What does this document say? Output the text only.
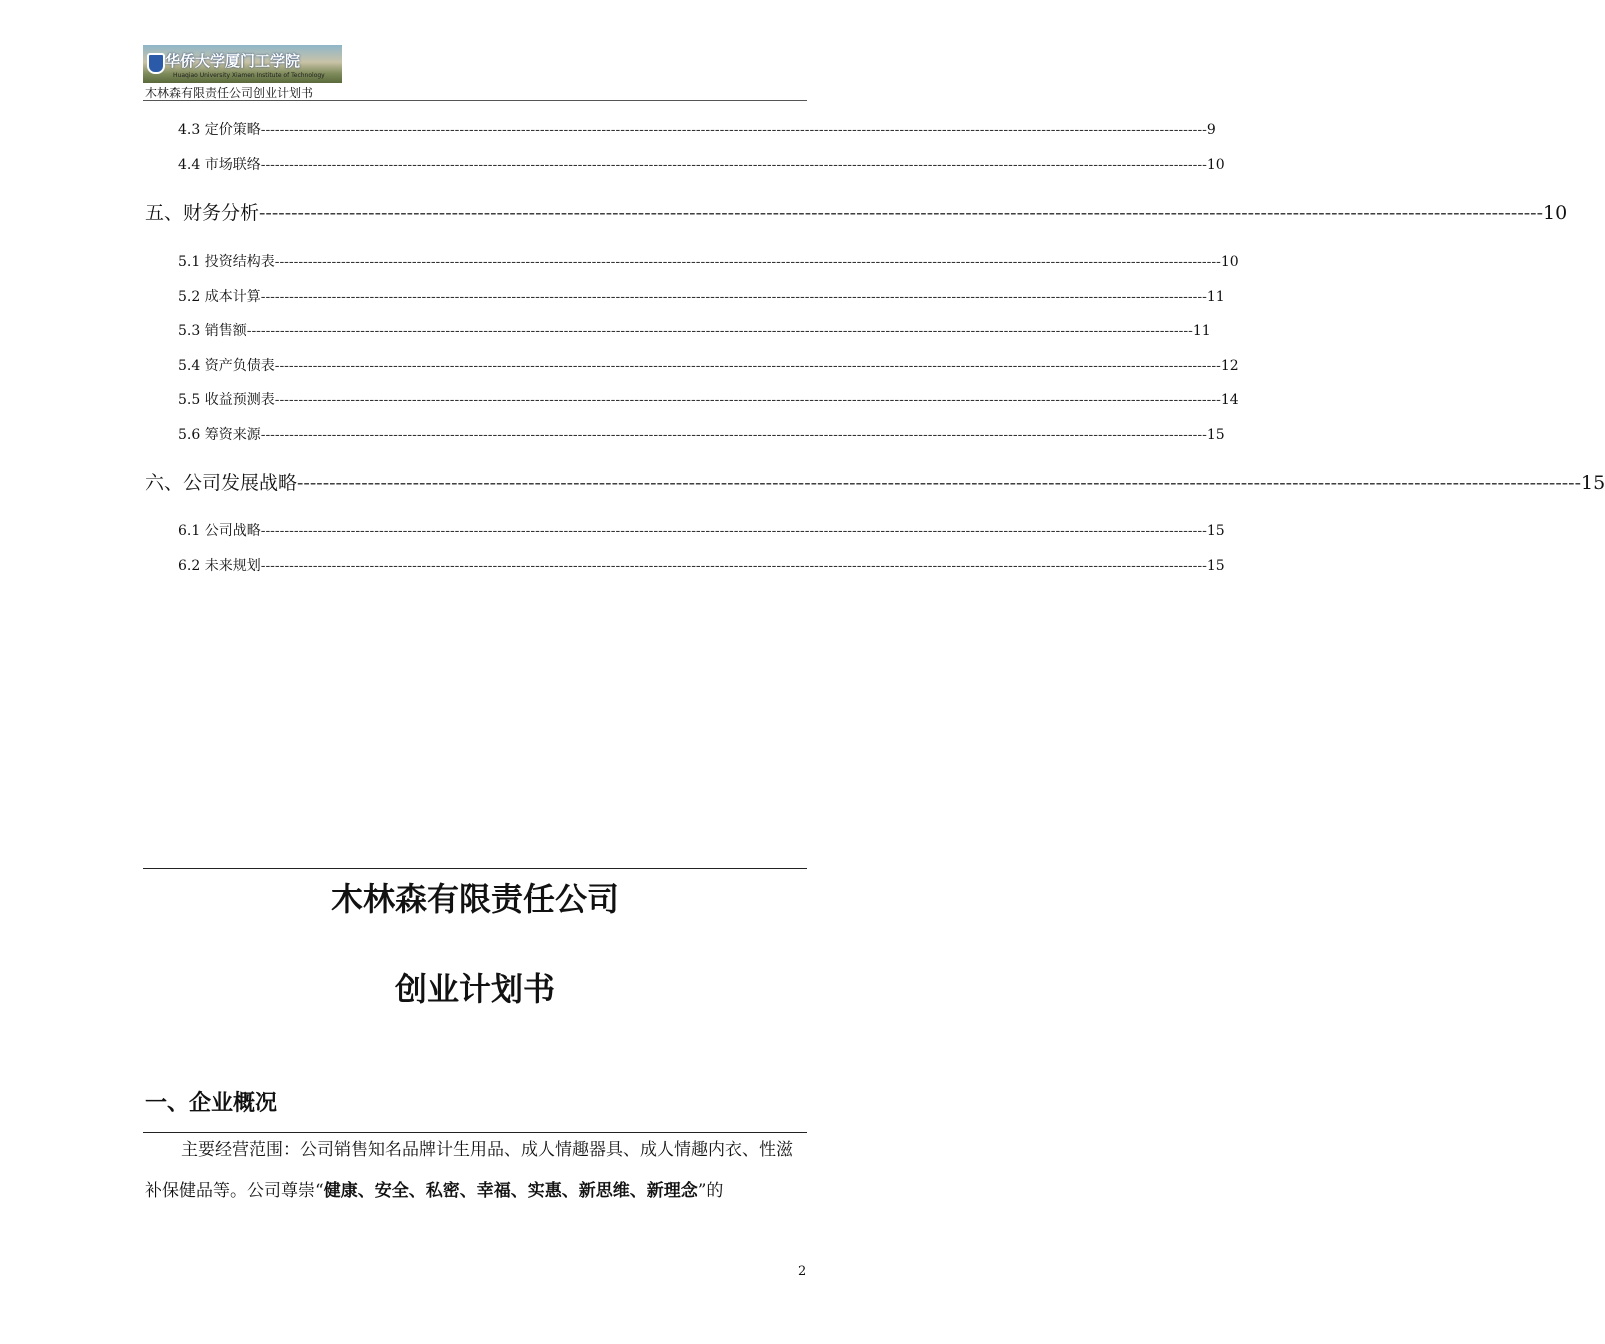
华侨大学厦门工学院
Huaqiao University Xiamen Institute of Technology
木林森有限责任公司创业计划书
4.3 定价策略 -------------------------------------------------------------------------------------------------------------------------------------------------------------------------------------------------------- 9
4.4 市场联络 -------------------------------------------------------------------------------------------------------------------------------------------------------------------------------------------------------- 10
五、财务分析 -------------------------------------------------------------------------------------------------------------------------------------------------------------------------------------------------------- 10
5.1 投资结构表 -------------------------------------------------------------------------------------------------------------------------------------------------------------------------------------------------------- 10
5.2 成本计算 -------------------------------------------------------------------------------------------------------------------------------------------------------------------------------------------------------- 11
5.3 销售额 -------------------------------------------------------------------------------------------------------------------------------------------------------------------------------------------------------- 11
5.4 资产负债表 -------------------------------------------------------------------------------------------------------------------------------------------------------------------------------------------------------- 12
5.5 收益预测表 -------------------------------------------------------------------------------------------------------------------------------------------------------------------------------------------------------- 14
5.6 筹资来源 -------------------------------------------------------------------------------------------------------------------------------------------------------------------------------------------------------- 15
六、公司发展战略 -------------------------------------------------------------------------------------------------------------------------------------------------------------------------------------------------------- 15
6.1 公司战略 -------------------------------------------------------------------------------------------------------------------------------------------------------------------------------------------------------- 15
6.2 未来规划 -------------------------------------------------------------------------------------------------------------------------------------------------------------------------------------------------------- 15
木林森有限责任公司
创业计划书
一、企业概况
主要经营范围：公司销售知名品牌计生用品、成人情趣器具、成人情趣内衣、性滋补保健品等。公司尊崇“健康、安全、私密、幸福、实惠、新思维、新理念”的
2
